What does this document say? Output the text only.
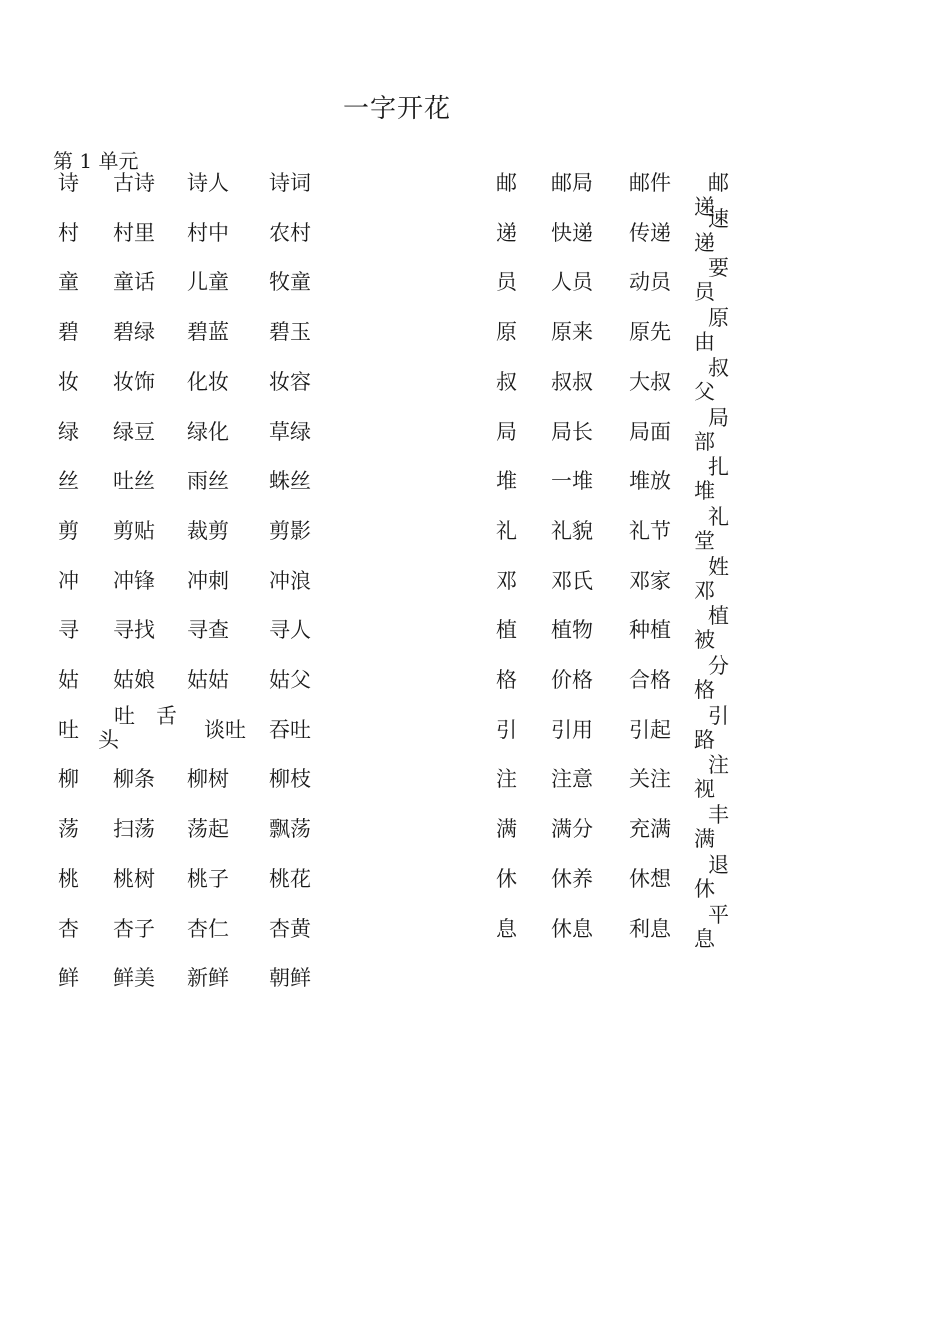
一字开花
第 1 单元
诗 古诗 诗人 诗词
村 村里 村中 农村
童 童话 儿童 牧童
碧 碧绿 碧蓝 碧玉
妆 妆饰 化妆 妆容
绿 绿豆 绿化 草绿
丝 吐丝 雨丝 蛛丝
剪 剪贴 裁剪 剪影
冲 冲锋 冲刺 冲浪
寻 寻找 寻查 寻人
姑 姑娘 姑姑 姑父
吐
吐　舌
头	谈吐 吞吐
柳 柳条 柳树 柳枝
荡 扫荡 荡起 飘荡
桃 桃树 桃子 桃花
杏 杏子 杏仁 杏黄
鲜 鲜美 新鲜 朝鲜
邮 邮局 邮件	邮
递
递 快递 传递
速
递
员 人员 动员
要
员
原 原来 原先
原
由
叔 叔叔 大叔
叔
父
局 局长 局面
局
部
堆 一堆 堆放
扎
堆
礼 礼貌 礼节
礼
堂
邓 邓氏 邓家
姓
邓
植 植物 种植
植
被
格 价格 合格
分
格
引 引用 引起
引
路
注 注意 关注
注
视
满 满分 充满
丰
满
休 休养 休想
退
休
息 休息 利息
平
息
